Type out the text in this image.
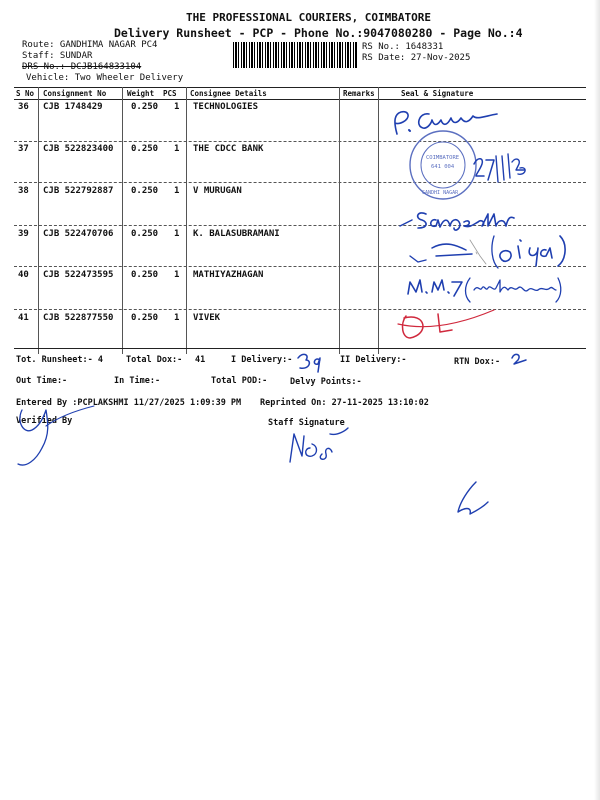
THE PROFESSIONAL COURIERS, COIMBATORE
Delivery Runsheet - PCP - Phone No.:9047080280 - Page No.:4
Route: GANDHIMA NAGAR PC4
Staff: SUNDAR
DRS No.: DCJB164833104
Vehicle: Two Wheeler Delivery
RS No.: 1648331
RS Date: 27-Nov-2025
S No Consignment No	Weight PCS Consignee Details	Remarks	Seal & Signature
36 CJB 1748429	0.250 1 TECHNOLOGIES
37 CJB 522823400 0.250 1 THE CDCC BANK
38 CJB 522792887 0.250 1 V MURUGAN
39 CJB 522470706 0.250 1 K. BALASUBRAMANI
40 CJB 522473595 0.250 1 MATHIYAZHAGAN
41 CJB 522877550 0.250 1 VIVEK
Tot. Runsheet:- 4	Total Dox:- 41	I Delivery:-	II Delivery:-	RTN Dox:-
Out Time:-	In Time:-	Total POD:-	Delvy Points:-
Entered By :PCPLAKSHMI 11/27/2025 1:09:39 PM Reprinted On: 27-11-2025 13:10:02
Verified By	Staff Signature
COIMBATORE
641 004
GANDHI NAGAR
